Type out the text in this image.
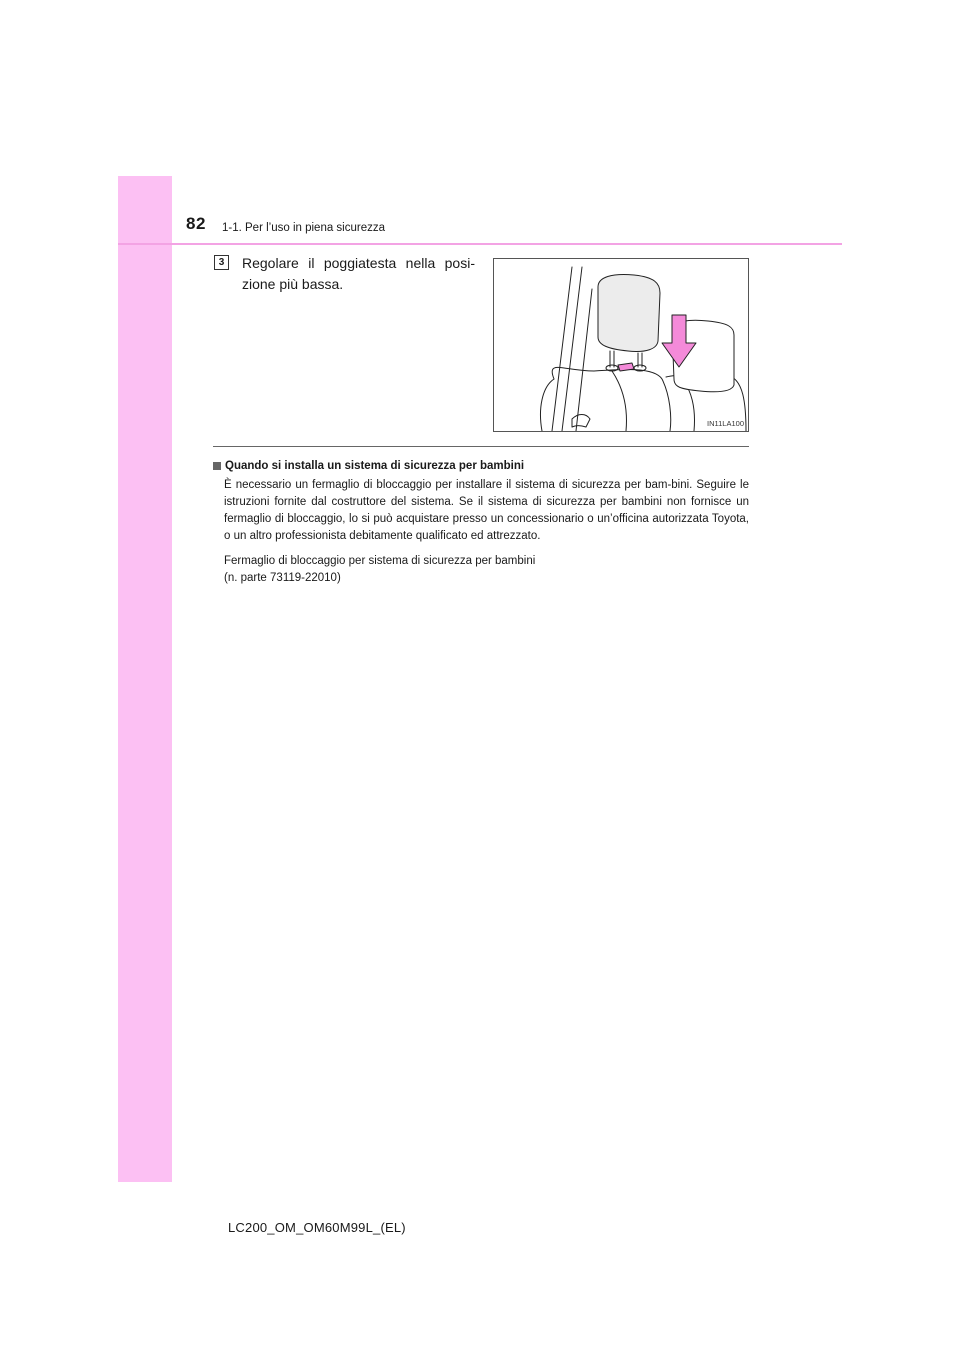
82 1-1. Per l’uso in piena sicurezza
3	Regolare il poggiatesta nella posi-zione più bassa.
IN11LA100
Quando si installa un sistema di sicurezza per bambini

È necessario un fermaglio di bloccaggio per installare il sistema di sicurezza per bam-bini. Seguire le istruzioni fornite dal costruttore del sistema. Se il sistema di sicurezza per bambini non fornisce un fermaglio di bloccaggio, lo si può acquistare presso un concessionario o un’officina autorizzata Toyota, o un altro professionista debitamente qualificato ed attrezzato.

Fermaglio di bloccaggio per sistema di sicurezza per bambini
(n. parte 73119-22010)

LC200_OM_OM60M99L_(EL)
